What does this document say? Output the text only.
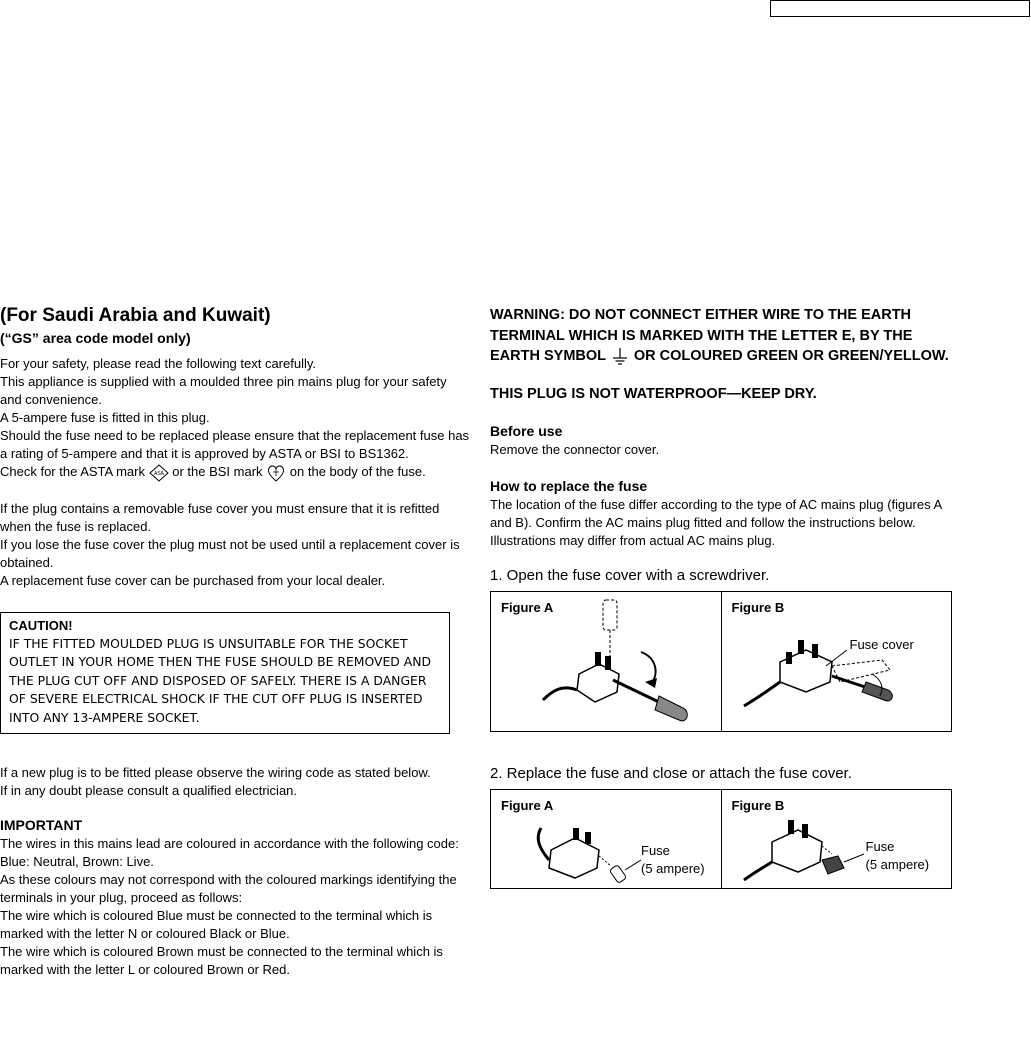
(For Saudi Arabia and Kuwait)
(“GS” area code model only)

For your safety, please read the following text carefully.

This appliance is supplied with a moulded three pin mains plug for your safety and convenience.

A 5-ampere fuse is fitted in this plug.

Should the fuse need to be replaced please ensure that the replacement fuse has a rating of 5-ampere and that it is approved by ASTA or BSI to BS1362.

Check for the ASTA mark ASA or the BSI mark on the body of the fuse.

If the plug contains a removable fuse cover you must ensure that it is refitted when the fuse is replaced.

If you lose the fuse cover the plug must not be used until a replacement cover is obtained.

A replacement fuse cover can be purchased from your local dealer.

CAUTION!
IF THE FITTED MOULDED PLUG IS UNSUITABLE FOR THE SOCKET OUTLET IN YOUR HOME THEN THE FUSE SHOULD BE REMOVED AND THE PLUG CUT OFF AND DISPOSED OF SAFELY. THERE IS A DANGER OF SEVERE ELECTRICAL SHOCK IF THE CUT OFF PLUG IS INSERTED INTO ANY 13-AMPERE SOCKET.

If a new plug is to be fitted please observe the wiring code as stated below.

If in any doubt please consult a qualified electrician.

IMPORTANT

The wires in this mains lead are coloured in accordance with the following code:

Blue: Neutral, Brown: Live.

As these colours may not correspond with the coloured markings identifying the terminals in your plug, proceed as follows:

The wire which is coloured Blue must be connected to the terminal which is marked with the letter N or coloured Black or Blue.

The wire which is coloured Brown must be connected to the terminal which is marked with the letter L or coloured Brown or Red.

WARNING: DO NOT CONNECT EITHER WIRE TO THE EARTH TERMINAL WHICH IS MARKED WITH THE LETTER E, BY THE EARTH SYMBOL OR COLOURED GREEN OR GREEN/YELLOW.
THIS PLUG IS NOT WATERPROOF—KEEP DRY.
Before use
Remove the connector cover.
How to replace the fuse

The location of the fuse differ according to the type of AC mains plug (figures A and B). Confirm the AC mains plug fitted and follow the instructions below.

Illustrations may differ from actual AC mains plug.

1. Open the fuse cover with a screwdriver.
Figure A	Figure B
Fuse cover
2. Replace the fuse and close or attach the fuse cover.
Figure A
Fuse
(5 ampere)
Figure B
Fuse
(5 ampere)
